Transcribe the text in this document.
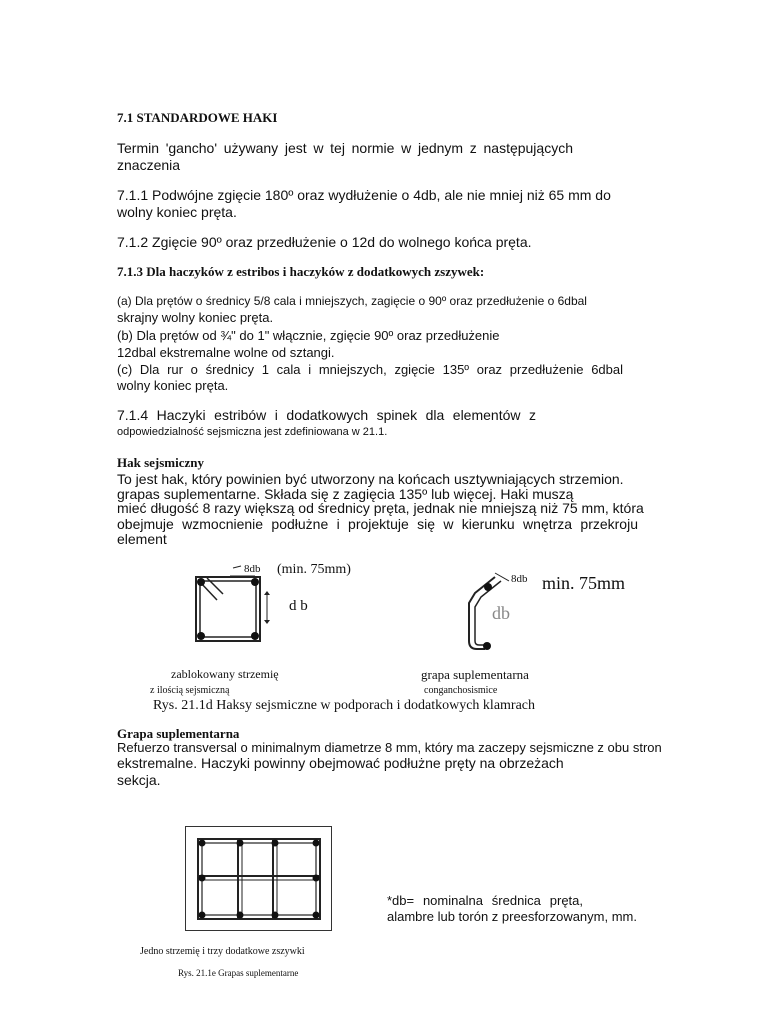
7.1 STANDARDOWE HAKI
Termin 'gancho' używany jest w tej normie w jednym z następujących
znaczenia
7.1.1 Podwójne zgięcie 180º oraz wydłużenie o 4db, ale nie mniej niż 65 mm do
wolny koniec pręta.
7.1.2 Zgięcie 90º oraz przedłużenie o 12d do wolnego końca pręta.
7.1.3 Dla haczyków z estribos i haczyków z dodatkowych zszywek:
(a) Dla prętów o średnicy 5/8 cala i mniejszych, zagięcie o 90º oraz przedłużenie o 6dbal
skrajny wolny koniec pręta.
(b) Dla prętów od ¾" do 1" włącznie, zgięcie 90º oraz przedłużenie
12dbal ekstremalne wolne od sztangi.
(c) Dla rur o średnicy 1 cala i mniejszych, zgięcie 135º oraz przedłużenie 6dbal
wolny koniec pręta.
7.1.4 Haczyki estribów i dodatkowych spinek dla elementów z
odpowiedzialność sejsmiczna jest zdefiniowana w 21.1.
Hak sejsmiczny
To jest hak, który powinien być utworzony na końcach usztywniających strzemion.
grapas suplementarne. Składa się z zagięcia 135º lub więcej. Haki muszą
mieć długość 8 razy większą od średnicy pręta, jednak nie mniejszą niż 75 mm, która
obejmuje wzmocnienie podłużne i projektuje się w kierunku wnętrza przekroju
element
8db (min. 75mm)
d b
zablokowany strzemię
z ilością sejsmiczną
8db min. 75mm
db
grapa suplementarna
conganchosismice
Rys. 21.1d Haksy sejsmiczne w podporach i dodatkowych klamrach
Grapa suplementarna
Refuerzo transversal o minimalnym diametrze 8 mm, który ma zaczepy sejsmiczne z obu stron
ekstremalne. Haczyki powinny obejmować podłużne pręty na obrzeżach
sekcja.
*db= nominalna średnica pręta,
alambre lub torón z preesforzowanym, mm.
Jedno strzemię i trzy dodatkowe zszywki
Rys. 21.1e Grapas suplementarne
